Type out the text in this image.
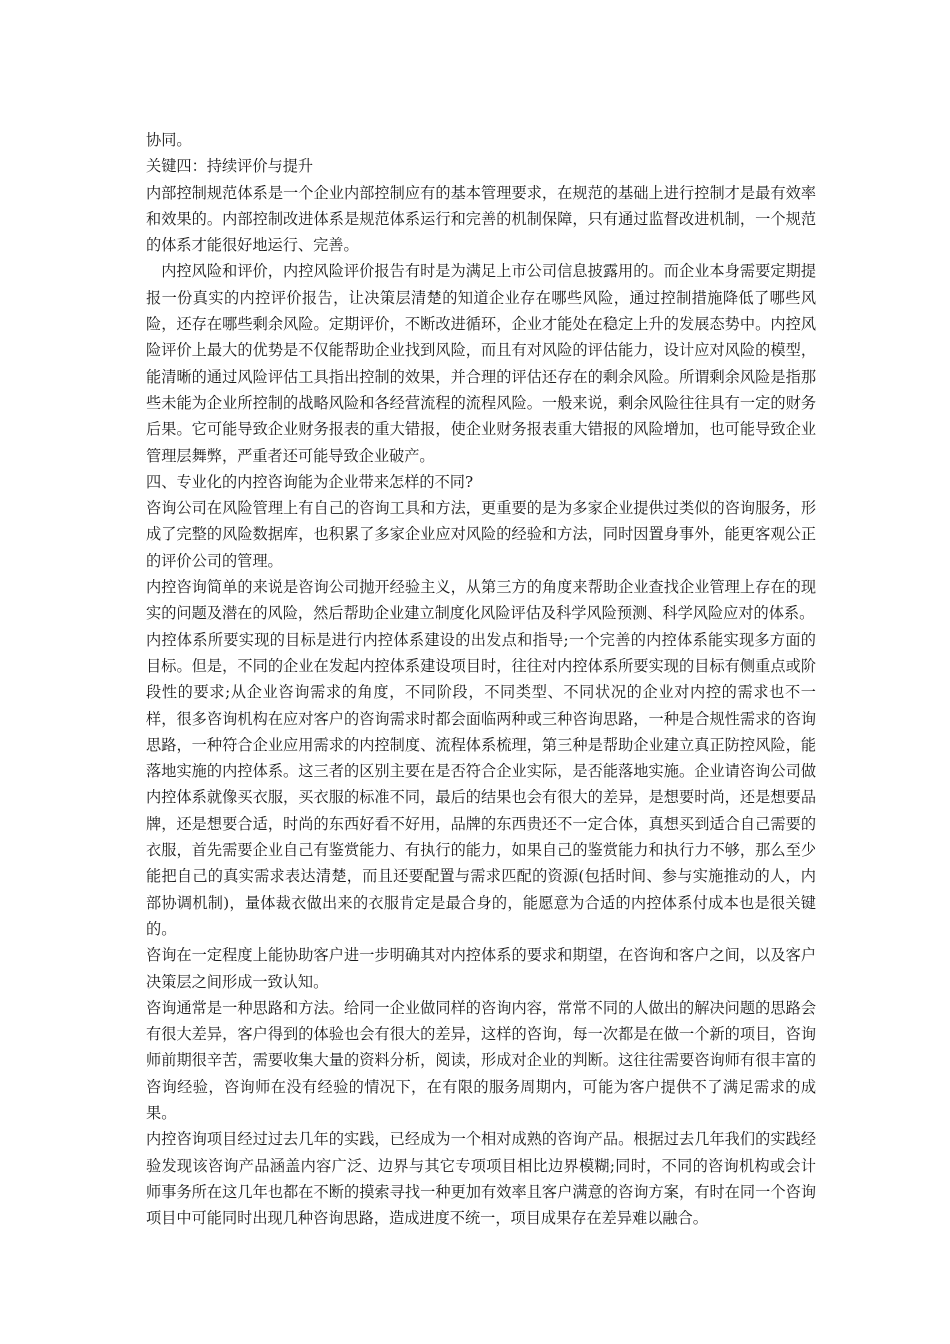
协同。

关键四：持续评价与提升

内部控制规范体系是一个企业内部控制应有的基本管理要求，在规范的基础上进行控制才是最有效率和效果的。内部控制改进体系是规范体系运行和完善的机制保障，只有通过监督改进机制，一个规范的体系才能很好地运行、完善。

内控风险和评价，内控风险评价报告有时是为满足上市公司信息披露用的。而企业本身需要定期提报一份真实的内控评价报告，让决策层清楚的知道企业存在哪些风险，通过控制措施降低了哪些风险，还存在哪些剩余风险。定期评价，不断改进循环，企业才能处在稳定上升的发展态势中。内控风险评价上最大的优势是不仅能帮助企业找到风险，而且有对风险的评估能力，设计应对风险的模型，能清晰的通过风险评估工具指出控制的效果，并合理的评估还存在的剩余风险。所谓剩余风险是指那些未能为企业所控制的战略风险和各经营流程的流程风险。一般来说，剩余风险往往具有一定的财务后果。它可能导致企业财务报表的重大错报，使企业财务报表重大错报的风险增加，也可能导致企业管理层舞弊，严重者还可能导致企业破产。

四、专业化的内控咨询能为企业带来怎样的不同?

咨询公司在风险管理上有自己的咨询工具和方法，更重要的是为多家企业提供过类似的咨询服务，形成了完整的风险数据库，也积累了多家企业应对风险的经验和方法，同时因置身事外，能更客观公正的评价公司的管理。

内控咨询简单的来说是咨询公司抛开经验主义，从第三方的角度来帮助企业查找企业管理上存在的现实的问题及潜在的风险，然后帮助企业建立制度化风险评估及科学风险预测、科学风险应对的体系。

内控体系所要实现的目标是进行内控体系建设的出发点和指导;一个完善的内控体系能实现多方面的目标。但是，不同的企业在发起内控体系建设项目时，往往对内控体系所要实现的目标有侧重点或阶段性的要求;从企业咨询需求的角度，不同阶段，不同类型、不同状况的企业对内控的需求也不一样，很多咨询机构在应对客户的咨询需求时都会面临两种或三种咨询思路，一种是合规性需求的咨询思路，一种符合企业应用需求的内控制度、流程体系梳理，第三种是帮助企业建立真正防控风险，能落地实施的内控体系。这三者的区别主要在是否符合企业实际，是否能落地实施。企业请咨询公司做内控体系就像买衣服，买衣服的标准不同，最后的结果也会有很大的差异，是想要时尚，还是想要品牌，还是想要合适，时尚的东西好看不好用，品牌的东西贵还不一定合体，真想买到适合自己需要的衣服，首先需要企业自己有鉴赏能力、有执行的能力，如果自己的鉴赏能力和执行力不够，那么至少能把自己的真实需求表达清楚，而且还要配置与需求匹配的资源(包括时间、参与实施推动的人，内部协调机制)，量体裁衣做出来的衣服肯定是最合身的，能愿意为合适的内控体系付成本也是很关键的。

咨询在一定程度上能协助客户进一步明确其对内控体系的要求和期望，在咨询和客户之间，以及客户决策层之间形成一致认知。

咨询通常是一种思路和方法。给同一企业做同样的咨询内容，常常不同的人做出的解决问题的思路会有很大差异，客户得到的体验也会有很大的差异，这样的咨询，每一次都是在做一个新的项目，咨询师前期很辛苦，需要收集大量的资料分析，阅读，形成对企业的判断。这往往需要咨询师有很丰富的咨询经验，咨询师在没有经验的情况下，在有限的服务周期内，可能为客户提供不了满足需求的成果。

内控咨询项目经过过去几年的实践，已经成为一个相对成熟的咨询产品。根据过去几年我们的实践经验发现该咨询产品涵盖内容广泛、边界与其它专项项目相比边界模糊;同时，不同的咨询机构或会计师事务所在这几年也都在不断的摸索寻找一种更加有效率且客户满意的咨询方案，有时在同一个咨询项目中可能同时出现几种咨询思路，造成进度不统一，项目成果存在差异难以融合。
